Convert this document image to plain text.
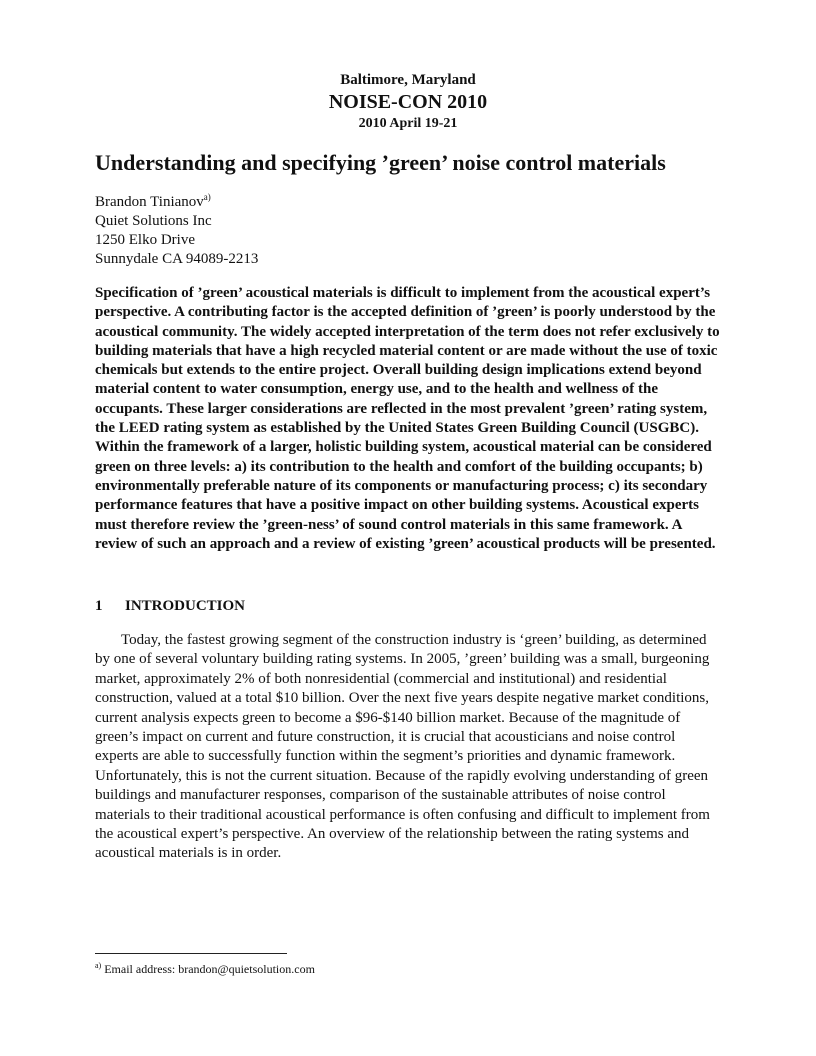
Baltimore, Maryland
NOISE-CON 2010
2010 April 19-21
Understanding and specifying ’green’ noise control materials
Brandon Tinianov$^{a)}$
Quiet Solutions Inc
1250 Elko Drive
Sunnydale CA 94089-2213

Specification of ’green’ acoustical materials is difficult to implement from the acoustical expert’s perspective. A contributing factor is the accepted definition of ’green’ is poorly understood by the acoustical community. The widely accepted interpretation of the term does not refer exclusively to building materials that have a high recycled material content or are made without the use of toxic chemicals but extends to the entire project. Overall building design implications extend beyond material content to water consumption, energy use, and to the health and wellness of the occupants. These larger considerations are reflected in the most prevalent ’green’ rating system, the LEED rating system as established by the United States Green Building Council (USGBC). Within the framework of a larger, holistic building system, acoustical material can be considered green on three levels: a) its contribution to the health and comfort of the building occupants; b) environmentally preferable nature of its components or manufacturing process; c) its secondary performance features that have a positive impact on other building systems. Acoustical experts must therefore review the ’green-ness’ of sound control materials in this same framework. A review of such an approach and a review of existing ’green’ acoustical products will be presented.

1 INTRODUCTION

Today, the fastest growing segment of the construction industry is ‘green’ building, as determined by one of several voluntary building rating systems. In 2005, ’green’ building was a small, burgeoning market, approximately 2% of both nonresidential (commercial and institutional) and residential construction, valued at a total $10 billion. Over the next five years despite negative market conditions, current analysis expects green to become a $96-$140 billion market. Because of the magnitude of green’s impact on current and future construction, it is crucial that acousticians and noise control experts are able to successfully function within the segment’s priorities and dynamic framework. Unfortunately, this is not the current situation. Because of the rapidly evolving understanding of green buildings and manufacturer responses, comparison of the sustainable attributes of noise control materials to their traditional acoustical performance is often confusing and difficult to implement from the acoustical expert’s perspective. An overview of the relationship between the rating systems and acoustical materials is in order.

$^{a)}$ Email address: brandon@quietsolution.com
